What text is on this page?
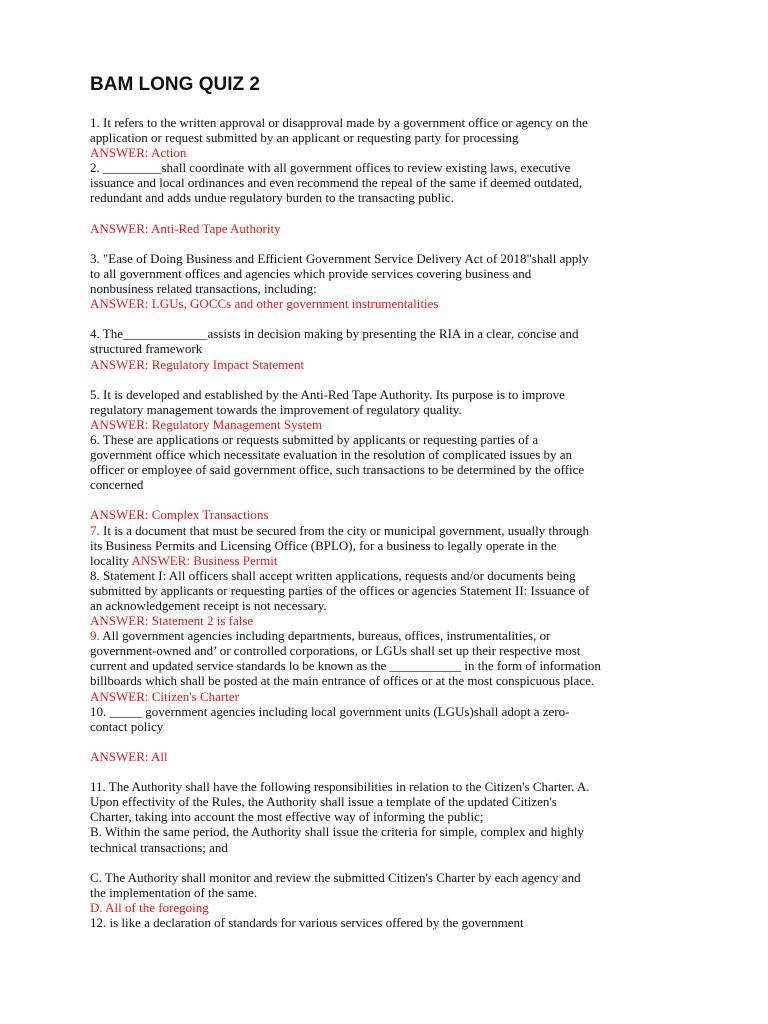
BAM LONG QUIZ 2
1. It refers to the written approval or disapproval made by a government office or agency on the
application or request submitted by an applicant or requesting party for processing
ANSWER: Action
2. _________shall coordinate with all government offices to review existing laws, executive
issuance and local ordinances and even recommend the repeal of the same if deemed outdated,
redundant and adds undue regulatory burden to the transacting public.
ANSWER: Anti-Red Tape Authority
3. "Ease of Doing Business and Efficient Government Service Delivery Act of 2018"shall apply
to all government offices and agencies which provide services covering business and
nonbusiness related transactions, including:
ANSWER: LGUs, GOCCs and other government instrumentalities
4. The_____________assists in decision making by presenting the RIA in a clear, concise and
structured framework
ANSWER: Regulatory Impact Statement
5. It is developed and established by the Anti-Red Tape Authority. Its purpose is to improve
regulatory management towards the improvement of regulatory quality.
ANSWER: Regulatory Management System
6. These are applications or requests submitted by applicants or requesting parties of a
government office which necessitate evaluation in the resolution of complicated issues by an
officer or employee of said government office, such transactions to be determined by the office
concerned
ANSWER: Complex Transactions
7. It is a document that must be secured from the city or municipal government, usually through
its Business Permits and Licensing Office (BPLO), for a business to legally operate in the
locality ANSWER: Business Permit
8. Statement I: All officers shall accept written applications, requests and/or documents being
submitted by applicants or requesting parties of the offices or agencies Statement II: Issuance of
an acknowledgement receipt is not necessary.
ANSWER: Statement 2 is false
9. All government agencies including departments, bureaus, offices, instrumentalities, or
government-owned and’ or controlled corporations, or LGUs shall set up their respective most
current and updated service standards lo be known as the ___________ in the form of information
billboards which shall be posted at the main entrance of offices or at the most conspicuous place.
ANSWER: Citizen's Charter
10. _____ government agencies including local government units (LGUs)shall adopt a zero-
contact policy
ANSWER: All
11. The Authority shall have the following responsibilities in relation to the Citizen's Charter. A.
Upon effectivity of the Rules, the Authority shall issue a template of the updated Citizen's
Charter, taking into account the most effective way of informing the public;
B. Within the same period, the Authority shall issue the criteria for simple, complex and highly
technical transactions; and
C. The Authority shall monitor and review the submitted Citizen's Charter by each agency and
the implementation of the same.
D. All of the foregoing
12. is like a declaration of standards for various services offered by the government
